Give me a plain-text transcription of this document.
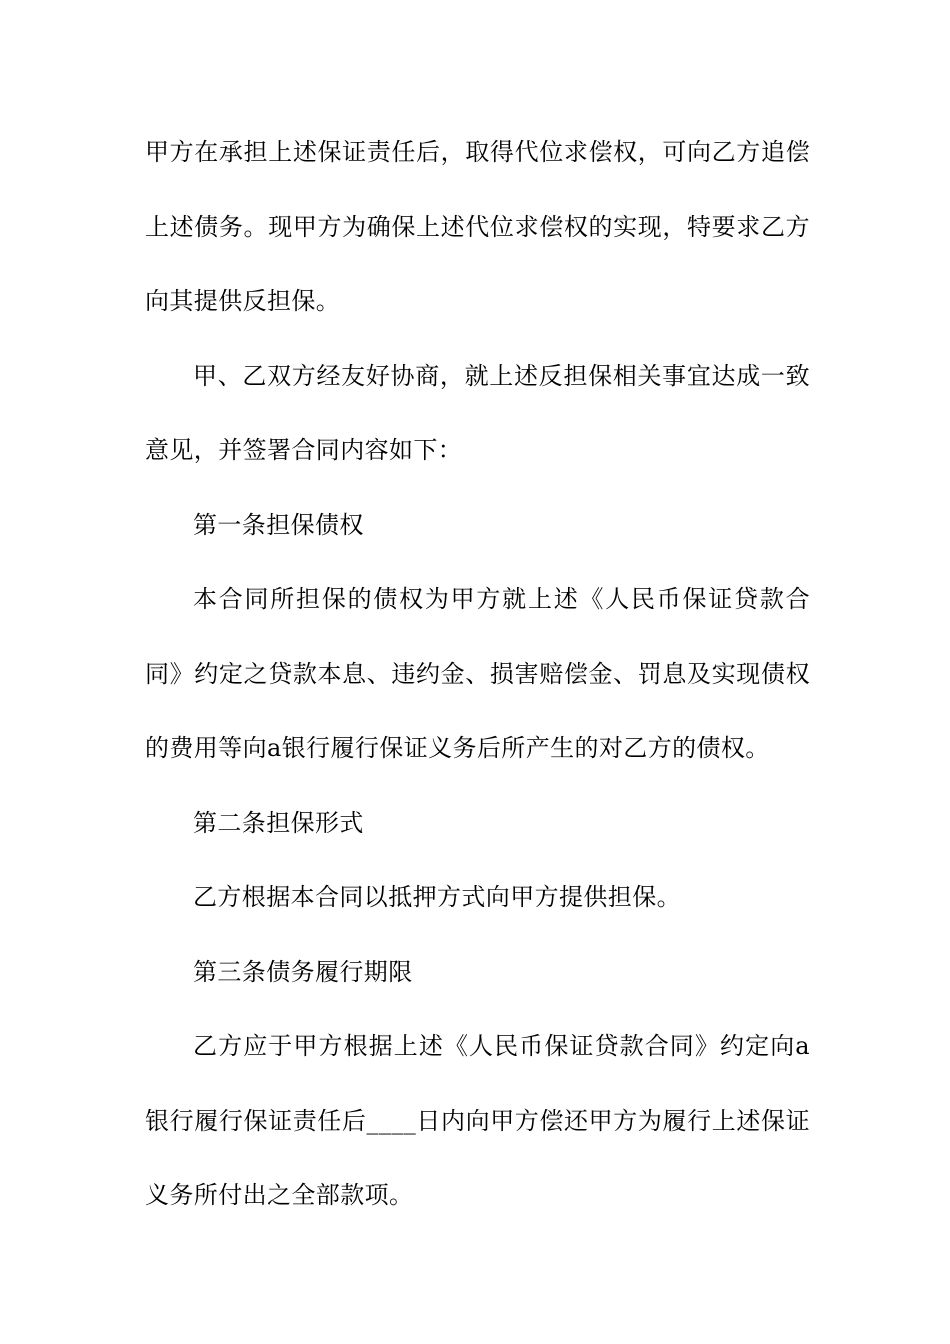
甲方在承担上述保证责任后，取得代位求偿权，可向乙方追偿
上述债务。现甲方为确保上述代位求偿权的实现，特要求乙方
向其提供反担保。
甲、乙双方经友好协商，就上述反担保相关事宜达成一致
意见，并签署合同内容如下：
第一条担保债权
本合同所担保的债权为甲方就上述《人民币保证贷款合
同》约定之贷款本息、违约金、损害赔偿金、罚息及实现债权
的费用等向a银行履行保证义务后所产生的对乙方的债权。
第二条担保形式
乙方根据本合同以抵押方式向甲方提供担保。
第三条债务履行期限
乙方应于甲方根据上述《人民币保证贷款合同》约定向a
银行履行保证责任后____日内向甲方偿还甲方为履行上述保证
义务所付出之全部款项。
